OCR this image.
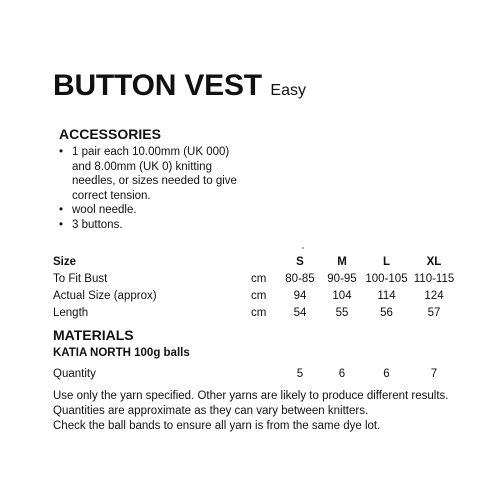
BUTTON VEST Easy
ACCESSORIES
• 1 pair each 10.00mm (UK 000) and 8.00mm (UK 0) knitting needles, or sizes needed to give correct tension.
• wool needle.
• 3 buttons.
Size		S	M	L	XL
To Fit Bust	cm	80-85	90-95	100-105	110-115
Actual Size (approx)	cm	94	104	114	124
Length	cm	54	55	56	57
MATERIALS
KATIA NORTH 100g balls
Quantity	5	6	6	7

Use only the yarn specified. Other yarns are likely to produce different results.

Quantities are approximate as they can vary between knitters.

Check the ball bands to ensure all yarn is from the same dye lot.
